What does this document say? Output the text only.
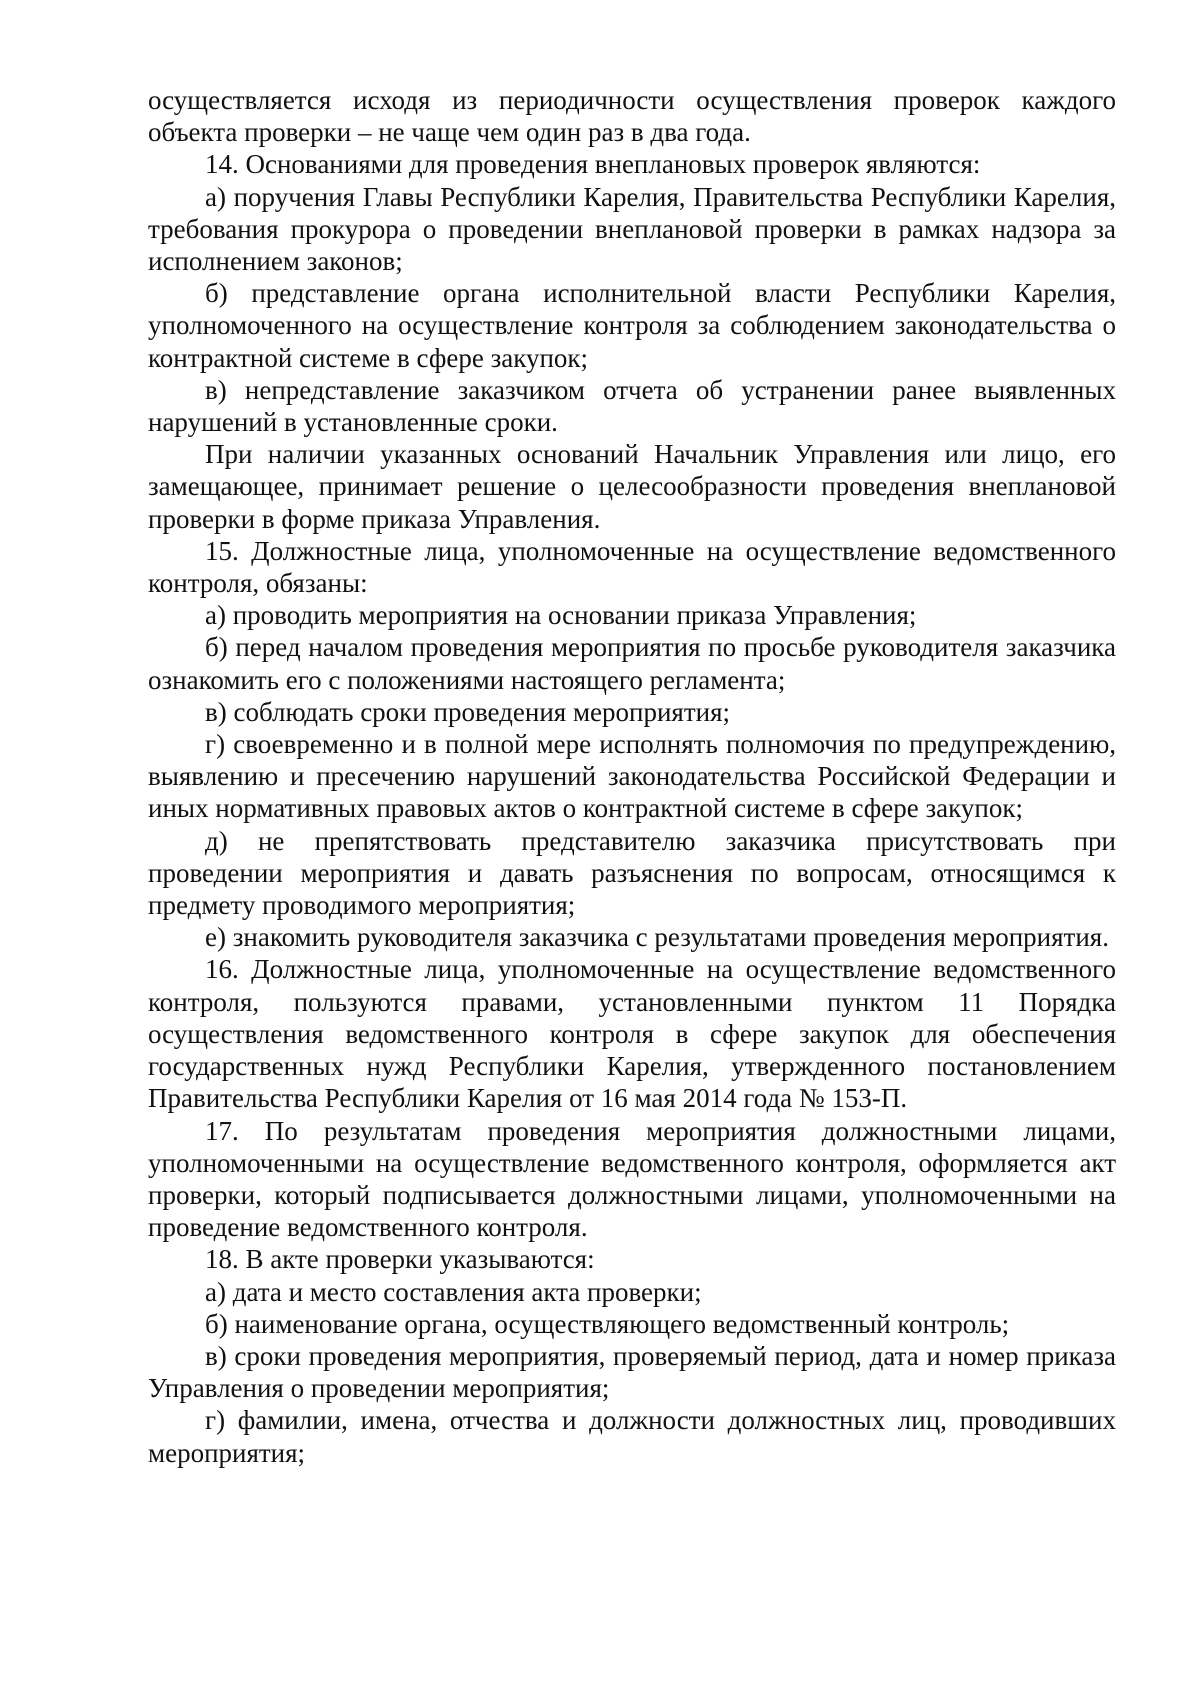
осуществляется исходя из периодичности осуществления проверок каждого объекта проверки – не чаще чем один раз в два года.

14. Основаниями для проведения внеплановых проверок являются:

а) поручения Главы Республики Карелия, Правительства Республики Карелия, требования прокурора о проведении внеплановой проверки в рамках надзора за исполнением законов;

б) представление органа исполнительной власти Республики Карелия, уполномоченного на осуществление контроля за соблюдением законодательства о контрактной системе в сфере закупок;

в) непредставление заказчиком отчета об устранении ранее выявленных нарушений в установленные сроки.

При наличии указанных оснований Начальник Управления или лицо, его замещающее, принимает решение о целесообразности проведения внеплановой проверки в форме приказа Управления.

15. Должностные лица, уполномоченные на осуществление ведомственного контроля, обязаны:

а) проводить мероприятия на основании приказа Управления;

б) перед началом проведения мероприятия по просьбе руководителя заказчика ознакомить его с положениями настоящего регламента;

в) соблюдать сроки проведения мероприятия;

г) своевременно и в полной мере исполнять полномочия по предупреждению, выявлению и пресечению нарушений законодательства Российской Федерации и иных нормативных правовых актов о контрактной системе в сфере закупок;

д) не препятствовать представителю заказчика присутствовать при проведении мероприятия и давать разъяснения по вопросам, относящимся к предмету проводимого мероприятия;

е) знакомить руководителя заказчика с результатами проведения мероприятия.

16. Должностные лица, уполномоченные на осуществление ведомственного контроля, пользуются правами, установленными пунктом 11 Порядка осуществления ведомственного контроля в сфере закупок для обеспечения государственных нужд Республики Карелия, утвержденного постановлением Правительства Республики Карелия от 16 мая 2014 года № 153-П.

17. По результатам проведения мероприятия должностными лицами, уполномоченными на осуществление ведомственного контроля, оформляется акт проверки, который подписывается должностными лицами, уполномоченными на проведение ведомственного контроля.

18. В акте проверки указываются:

а) дата и место составления акта проверки;

б) наименование органа, осуществляющего ведомственный контроль;

в) сроки проведения мероприятия, проверяемый период, дата и номер приказа Управления о проведении мероприятия;

г) фамилии, имена, отчества и должности должностных лиц, проводивших мероприятия;
